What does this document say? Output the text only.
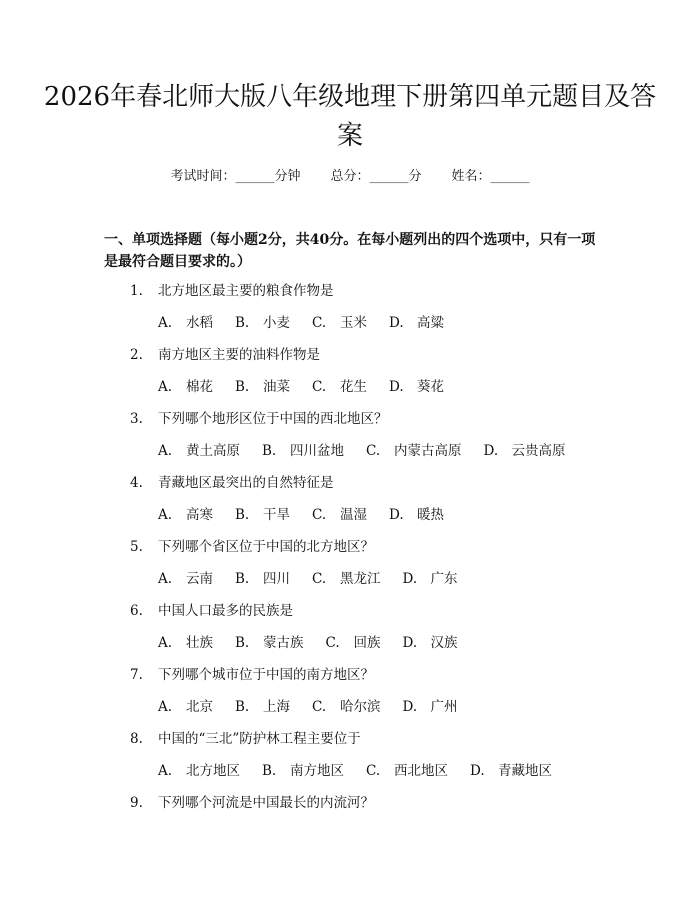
2026年春北师大版八年级地理下册第四单元题目及答案
考试时间：______分钟 总分：______分 姓名：______

一、单项选择题（每小题2分，共40分。在每小题列出的四个选项中，只有一项是最符合题目要求的。）

1. 北方地区最主要的粮食作物是
A. 水稻 B. 小麦 C. 玉米 D. 高粱
2. 南方地区主要的油料作物是
A. 棉花 B. 油菜 C. 花生 D. 葵花
3. 下列哪个地形区位于中国的西北地区？
A. 黄土高原 B. 四川盆地 C. 内蒙古高原 D. 云贵高原
4. 青藏地区最突出的自然特征是
A. 高寒 B. 干旱 C. 温湿 D. 暖热
5. 下列哪个省区位于中国的北方地区？
A. 云南 B. 四川 C. 黑龙江 D. 广东
6. 中国人口最多的民族是
A. 壮族 B. 蒙古族 C. 回族 D. 汉族
7. 下列哪个城市位于中国的南方地区？
A. 北京 B. 上海 C. 哈尔滨 D. 广州
8. 中国的“三北”防护林工程主要位于
A. 北方地区 B. 南方地区 C. 西北地区 D. 青藏地区
9. 下列哪个河流是中国最长的内流河？
